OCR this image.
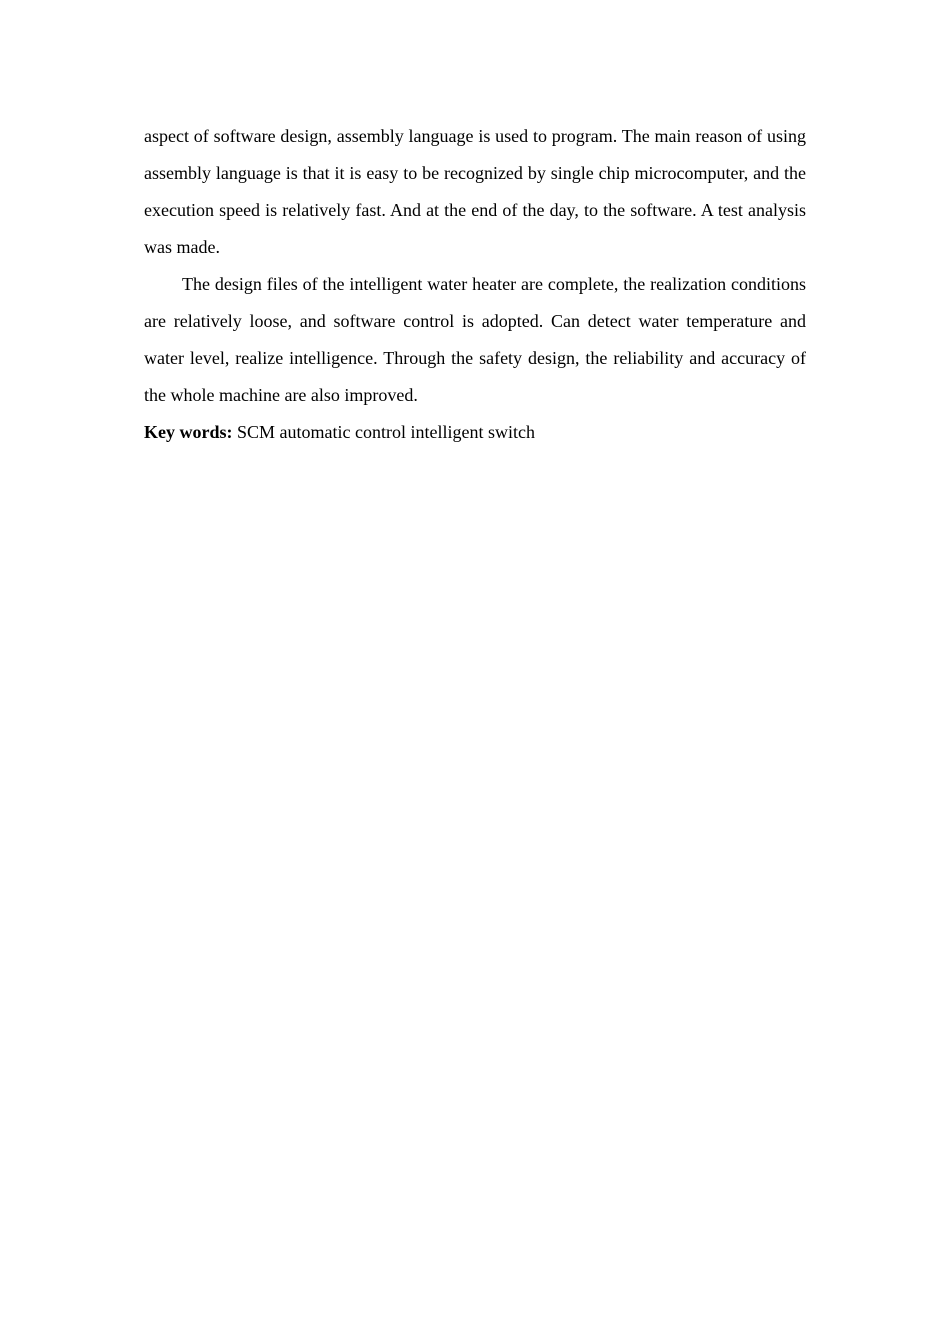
aspect of software design, assembly language is used to program. The main reason of using assembly language is that it is easy to be recognized by single chip microcomputer, and the execution speed is relatively fast. And at the end of the day, to the software. A test analysis was made.

The design files of the intelligent water heater are complete, the realization conditions are relatively loose, and software control is adopted. Can detect water temperature and water level, realize intelligence. Through the safety design, the reliability and accuracy of the whole machine are also improved.

Key words: SCM automatic control intelligent switch
